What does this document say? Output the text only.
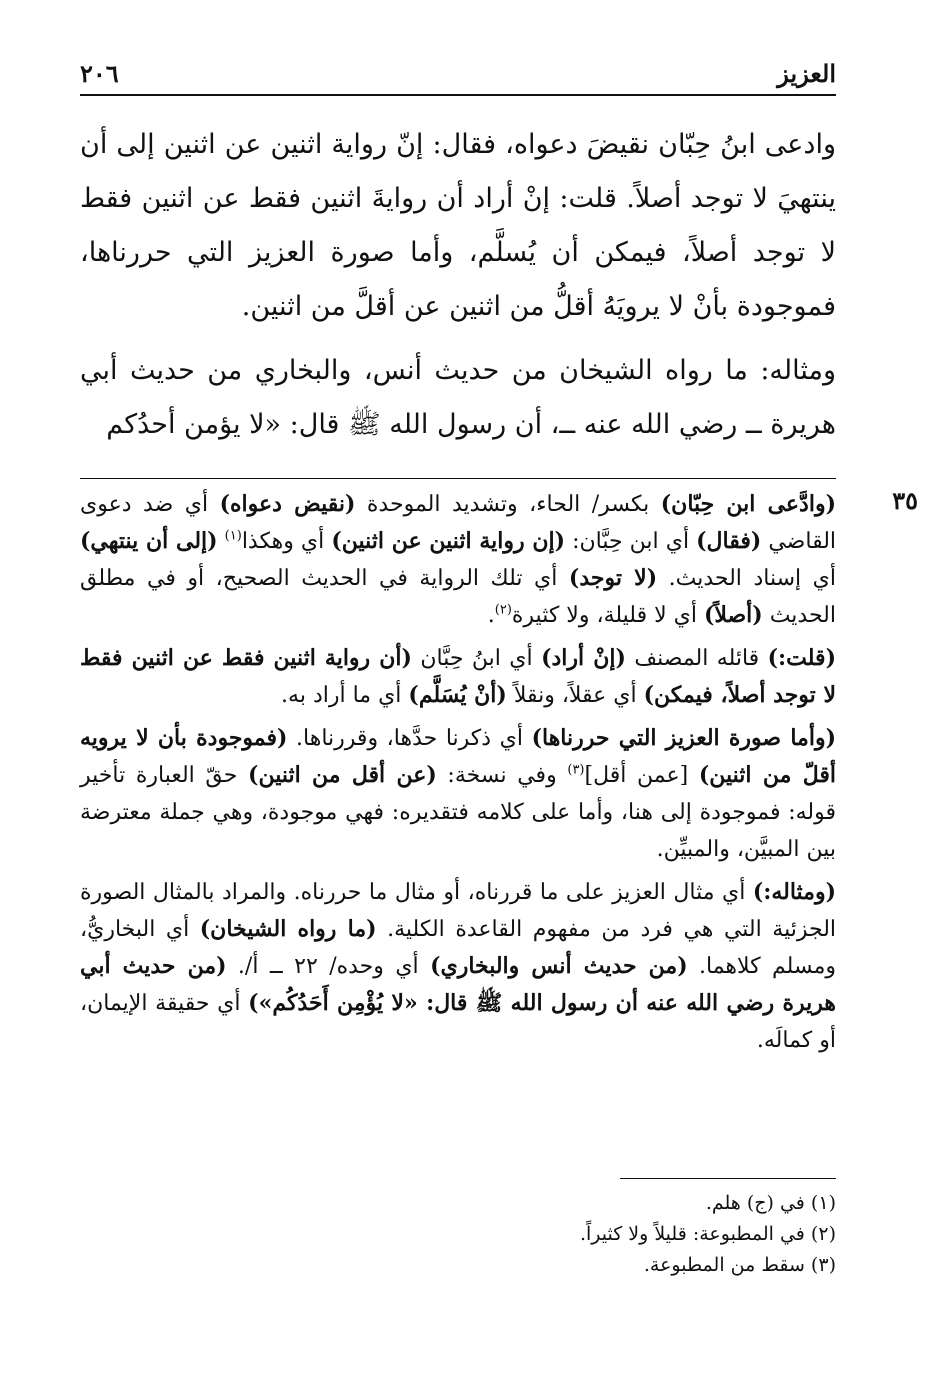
العزيز
٢٠٦

وادعى ابنُ حِبّان نقيضَ دعواه، فقال: إنّ رواية اثنين عن اثنين إلى أن ينتهيَ لا توجد أصلاً. قلت: إنْ أراد أن روايةَ اثنين فقط عن اثنين فقط لا توجد أصلاً، فيمكن أن يُسلَّم، وأما صورة العزيز التي حررناها، فموجودة بأنْ لا يرويَهُ أقلُّ من اثنين عن أقلَّ من اثنين.

ومثاله: ما رواه الشيخان من حديث أنس، والبخاري من حديث أبي هريرة ــ رضي الله عنه ــ، أن رسول الله ﷺ قال: «لا يؤمن أحدُكم

٣٥

(وادَّعى ابن حِبّان) بكسر/ الحاء، وتشديد الموحدة (نقيض دعواه) أي ضد دعوى القاضي (فقال) أي ابن حِبَّان: (إن رواية اثنين عن اثنين) أي وهكذا$^{(١)}$ (إلى أن ينتهي) أي إسناد الحديث. (لا توجد) أي تلك الرواية في الحديث الصحيح، أو في مطلق الحديث (أصلاً) أي لا قليلة، ولا كثيرة$^{(٢)}$.

(قلت:) قائله المصنف (إنْ أراد) أي ابنُ حِبَّان (أن رواية اثنين فقط عن اثنين فقط لا توجد أصلاً، فيمكن) أي عقلاً، ونقلاً (أنْ يُسَلَّم) أي ما أراد به.

(وأما صورة العزيز التي حررناها) أي ذكرنا حدَّها، وقررناها. (فموجودة بأن لا يرويه أقلّ من اثنين) [عمن أقل]$^{(٣)}$ وفي نسخة: (عن أقل من اثنين) حقّ العبارة تأخير قوله: فموجودة إلى هنا، وأما على كلامه فتقديره: فهي موجودة، وهي جملة معترضة بين المبيَّن، والمبيِّن.

(ومثاله:) أي مثال العزيز على ما قررناه، أو مثال ما حررناه. والمراد بالمثال الصورة الجزئية التي هي فرد من مفهوم القاعدة الكلية. (ما رواه الشيخان) أي البخاريُّ، ومسلم كلاهما. (من حديث أنس والبخاري) أي وحده/ ٢٢ ــ أ/. (من حديث أبي هريرة رضي الله عنه أن رسول الله ﷺ قال: «لا يُؤْمِن أَحَدُكُم») أي حقيقة الإيمان، أو كمالَه.

(١) في (ج) هلم.
(٢) في المطبوعة: قليلاً ولا كثيراً.
(٣) سقط من المطبوعة.
